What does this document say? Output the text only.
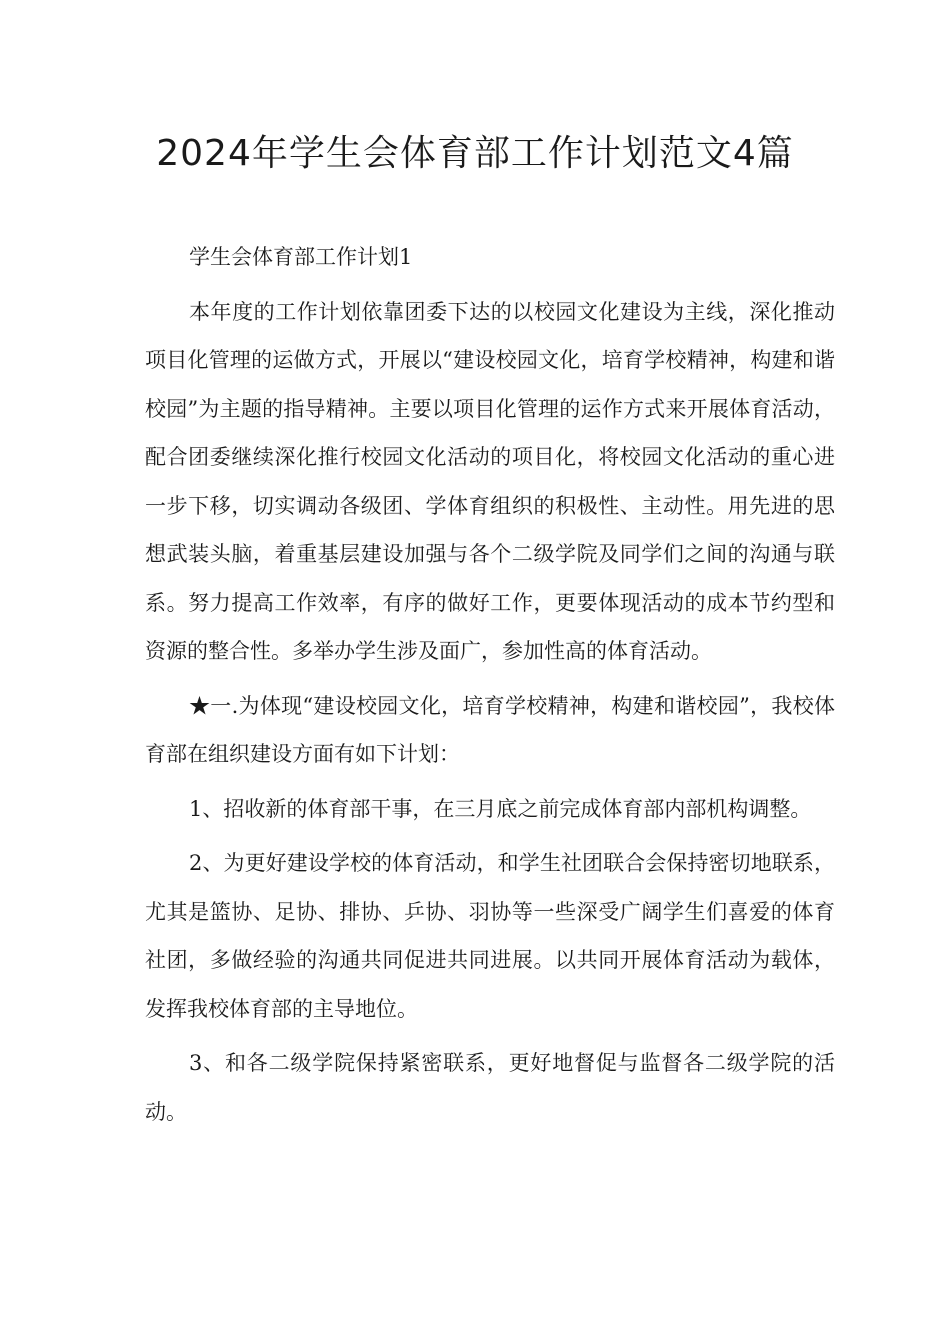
2024年学生会体育部工作计划范文4篇

学生会体育部工作计划1

本年度的工作计划依靠团委下达的以校园文化建设为主线，深化推动项目化管理的运做方式，开展以“建设校园文化，培育学校精神，构建和谐校园”为主题的指导精神。主要以项目化管理的运作方式来开展体育活动，配合团委继续深化推行校园文化活动的项目化，将校园文化活动的重心进一步下移，切实调动各级团、学体育组织的积极性、主动性。用先进的思想武装头脑，着重基层建设加强与各个二级学院及同学们之间的沟通与联系。努力提高工作效率，有序的做好工作，更要体现活动的成本节约型和资源的整合性。多举办学生涉及面广，参加性高的体育活动。

★一.为体现“建设校园文化，培育学校精神，构建和谐校园”，我校体育部在组织建设方面有如下计划：

1、招收新的体育部干事，在三月底之前完成体育部内部机构调整。

2、为更好建设学校的体育活动，和学生社团联合会保持密切地联系，尤其是篮协、足协、排协、乒协、羽协等一些深受广阔学生们喜爱的体育社团，多做经验的沟通共同促进共同进展。以共同开展体育活动为载体，发挥我校体育部的主导地位。

3、和各二级学院保持紧密联系，更好地督促与监督各二级学院的活动。
